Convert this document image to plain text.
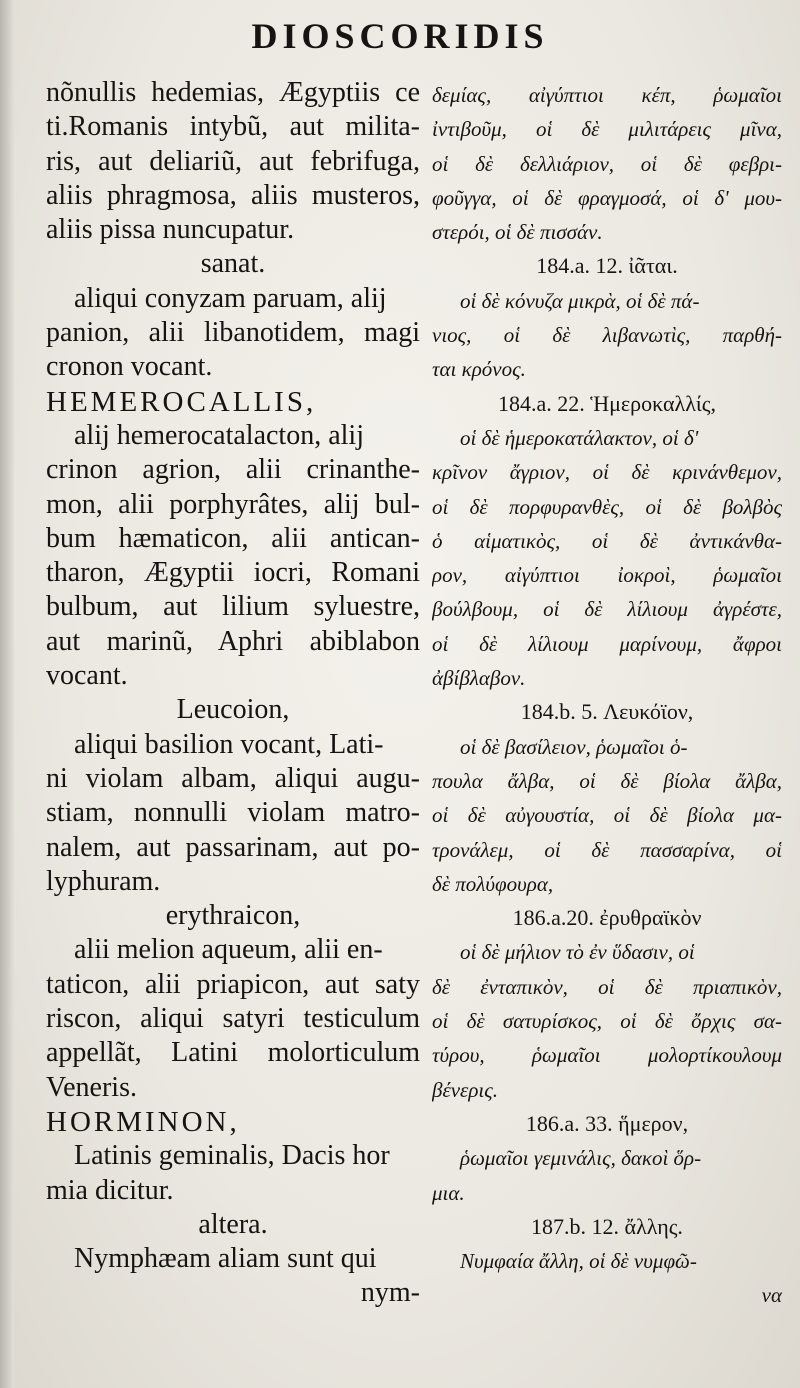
DIOSCORIDIS
nõnullis hedemias, Ægyptiis ce
ti.Romanis intybũ, aut milita-
ris, aut deliariũ, aut febrifuga,
aliis phragmosa, aliis musteros,
aliis pissa nuncupatur.
sanat.
aliqui conyzam paruam, alij
panion, alii libanotidem, magi
cronon vocant.
HEMEROCALLIS,
alij hemerocatalacton, alij
crinon agrion, alii crinanthe-
mon, alii porphyrâtes, alij bul-
bum hæmaticon, alii antican-
tharon, Ægyptii iocri, Romani
bulbum, aut lilium syluestre,
aut marinũ, Aphri abiblabon
vocant.
Leucoion,
aliqui basilion vocant, Lati-
ni violam albam, aliqui augu-
stiam, nonnulli violam matro-
nalem, aut passarinam, aut po-
lyphuram.
erythraicon,
alii melion aqueum, alii en-
taticon, alii priapicon, aut saty
riscon, aliqui satyri testiculum
appellãt, Latini molorticulum
Veneris.
HORMINON,
Latinis geminalis, Dacis hor
mia dicitur.
altera.
Nymphæam aliam sunt qui
nym-
δεμίας, αἰγύπτιοι κέπ, ῥωμαῖοι
ἰντιβοῦμ, οἱ δὲ μιλιτάρεις μῖνα,
οἱ δὲ δελλιάριον, οἱ δὲ φεβρι-
φοῦγγα, οἱ δὲ φραγμοσά, οἱ δ' μου-
στερόι, οἱ δὲ πισσάν.
184.a. 12. ἰᾶται.
οἱ δὲ κόνυζα μικρὰ, οἱ δὲ πά-
νιος, οἱ δὲ λιβανωτὶς, παρθή-
ται κρόνος.
184.a. 22. Ἡμεροκαλλίς,
οἱ δὲ ἡμεροκατάλακτον, οἱ δ'
κρῖνον ἄγριον, οἱ δὲ κρινάνθεμον,
οἱ δὲ πορφυρανθὲς, οἱ δὲ βολβὸς
ὁ αἱματικὸς, οἱ δὲ ἀντικάνθα-
ρον, αἰγύπτιοι ἰοκροὶ, ῥωμαῖοι
βούλβουμ, οἱ δὲ λίλιουμ ἀγρέστε,
οἱ δὲ λίλιουμ μαρίνουμ, ἄφροι
ἀβίβλαβον.
184.b. 5. Λευκόϊον,
οἱ δὲ βασίλειον, ῥωμαῖοι ὁ-
πουλα ἄλβα, οἱ δὲ βίολα ἄλβα,
οἱ δὲ αὐγουστία, οἱ δὲ βίολα μα-
τρονάλεμ, οἱ δὲ πασσαρίνα, οἱ
δὲ πολύφουρα,
186.a.20. ἐρυθραϊκὸν
οἱ δὲ μήλιον τὸ ἐν ὕδασιν, οἱ
δὲ ἐνταπικὸν, οἱ δὲ πριαπικὸν,
οἱ δὲ σατυρίσκος, οἱ δὲ ὄρχις σα-
τύρου, ῥωμαῖοι μολορτίκουλουμ
βένερις.
186.a. 33. ἥμερον,
ῥωμαῖοι γεμινάλις, δακοὶ ὅρ-
μια.
187.b. 12. ἄλλης.
Νυμφαία ἄλλη, οἱ δὲ νυμφῶ-
να
